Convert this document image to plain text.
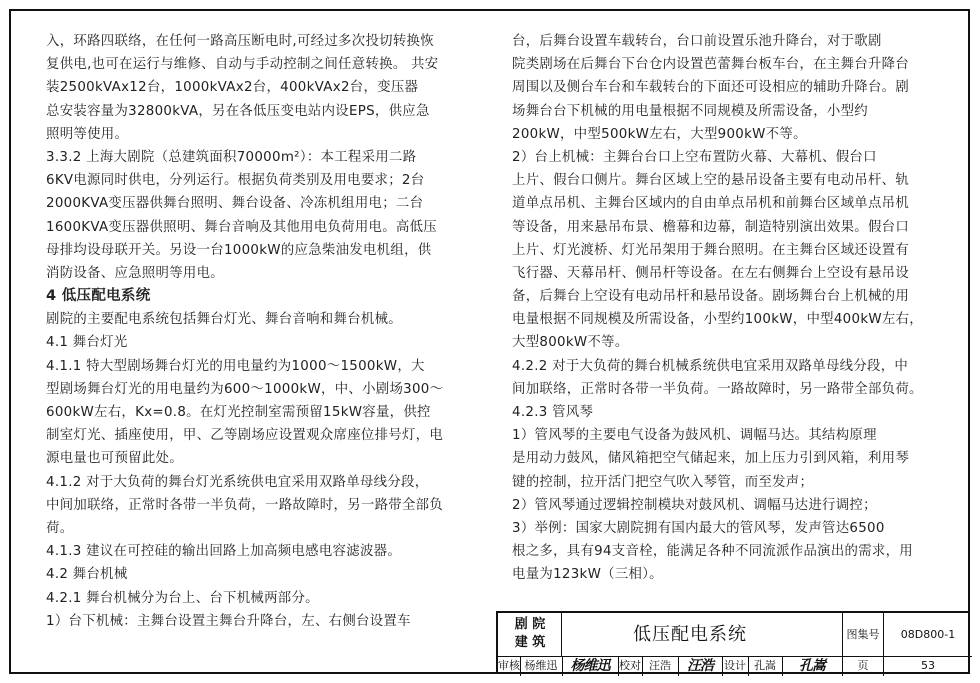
入，环路四联络，在任何一路高压断电时,可经过多次投切转换恢
复供电,也可在运行与维修、自动与手动控制之间任意转换。 共安
装2500kVAx12台，1000kVAx2台，400kVAx2台，变压器
总安装容量为32800kVA，另在各低压变电站内设EPS，供应急
照明等使用。
3.3.2 上海大剧院（总建筑面积70000m²）：本工程采用二路
6KV电源同时供电，分列运行。根据负荷类别及用电要求；2台
2000KVA变压器供舞台照明、舞台设备、冷冻机组用电；二台
1600KVA变压器供照明、舞台音响及其他用电负荷用电。高低压
母排均设母联开关。另设一台1000kW的应急柴油发电机组，供
消防设备、应急照明等用电。
4 低压配电系统
剧院的主要配电系统包括舞台灯光、舞台音响和舞台机械。
4.1 舞台灯光
4.1.1 特大型剧场舞台灯光的用电量约为1000～1500kW，大
型剧场舞台灯光的用电量约为600～1000kW，中、小剧场300～
600kW左右，Kx=0.8。在灯光控制室需预留15kW容量，供控
制室灯光、插座使用，甲、乙等剧场应设置观众席座位排号灯，电
源电量也可预留此处。
4.1.2 对于大负荷的舞台灯光系统供电宜采用双路单母线分段，
中间加联络，正常时各带一半负荷，一路故障时，另一路带全部负
荷。
4.1.3 建议在可控硅的输出回路上加高频电感电容滤波器。
4.2 舞台机械
4.2.1 舞台机械分为台上、台下机械两部分。
1）台下机械：主舞台设置主舞台升降台，左、右侧台设置车
台，后舞台设置车载转台，台口前设置乐池升降台，对于歌剧
院类剧场在后舞台下台仓内设置芭蕾舞台板车台，在主舞台升降台
周围以及侧台车台和车载转台的下面还可设相应的辅助升降台。剧
场舞台台下机械的用电量根据不同规模及所需设备，小型约
200kW，中型500kW左右，大型900kW不等。
2）台上机械：主舞台台口上空布置防火幕、大幕机、假台口
上片、假台口侧片。舞台区域上空的悬吊设备主要有电动吊杆、轨
道单点吊机、主舞台区域内的自由单点吊机和前舞台区域单点吊机
等设备，用来悬吊布景、檐幕和边幕，制造特别演出效果。假台口
上片、灯光渡桥、灯光吊架用于舞台照明。在主舞台区域还设置有
飞行器、天幕吊杆、侧吊杆等设备。在左右侧舞台上空设有悬吊设
备，后舞台上空设有电动吊杆和悬吊设备。剧场舞台台上机械的用
电量根据不同规模及所需设备，小型约100kW，中型400kW左右，
大型800kW不等。
4.2.2 对于大负荷的舞台机械系统供电宜采用双路单母线分段，中
间加联络，正常时各带一半负荷。一路故障时，另一路带全部负荷。
4.2.3 管风琴
1）管风琴的主要电气设备为鼓风机、调幅马达。其结构原理
是用动力鼓风，储风箱把空气储起来，加上压力引到风箱，利用琴
键的控制，拉开活门把空气吹入琴管，而至发声；
2）管风琴通过逻辑控制模块对鼓风机、调幅马达进行调控；
3）举例：国家大剧院拥有国内最大的管风琴，发声管达6500
根之多，具有94支音栓，能满足各种不同流派作品演出的需求，用
电量为123kW（三相）。
剧 院
建 筑	低压配电系统	图集号	08D800-1
审核 杨维迅 杨维迅 校对 汪浩	汪浩	设计 孔嵩	孔嵩	页	53
